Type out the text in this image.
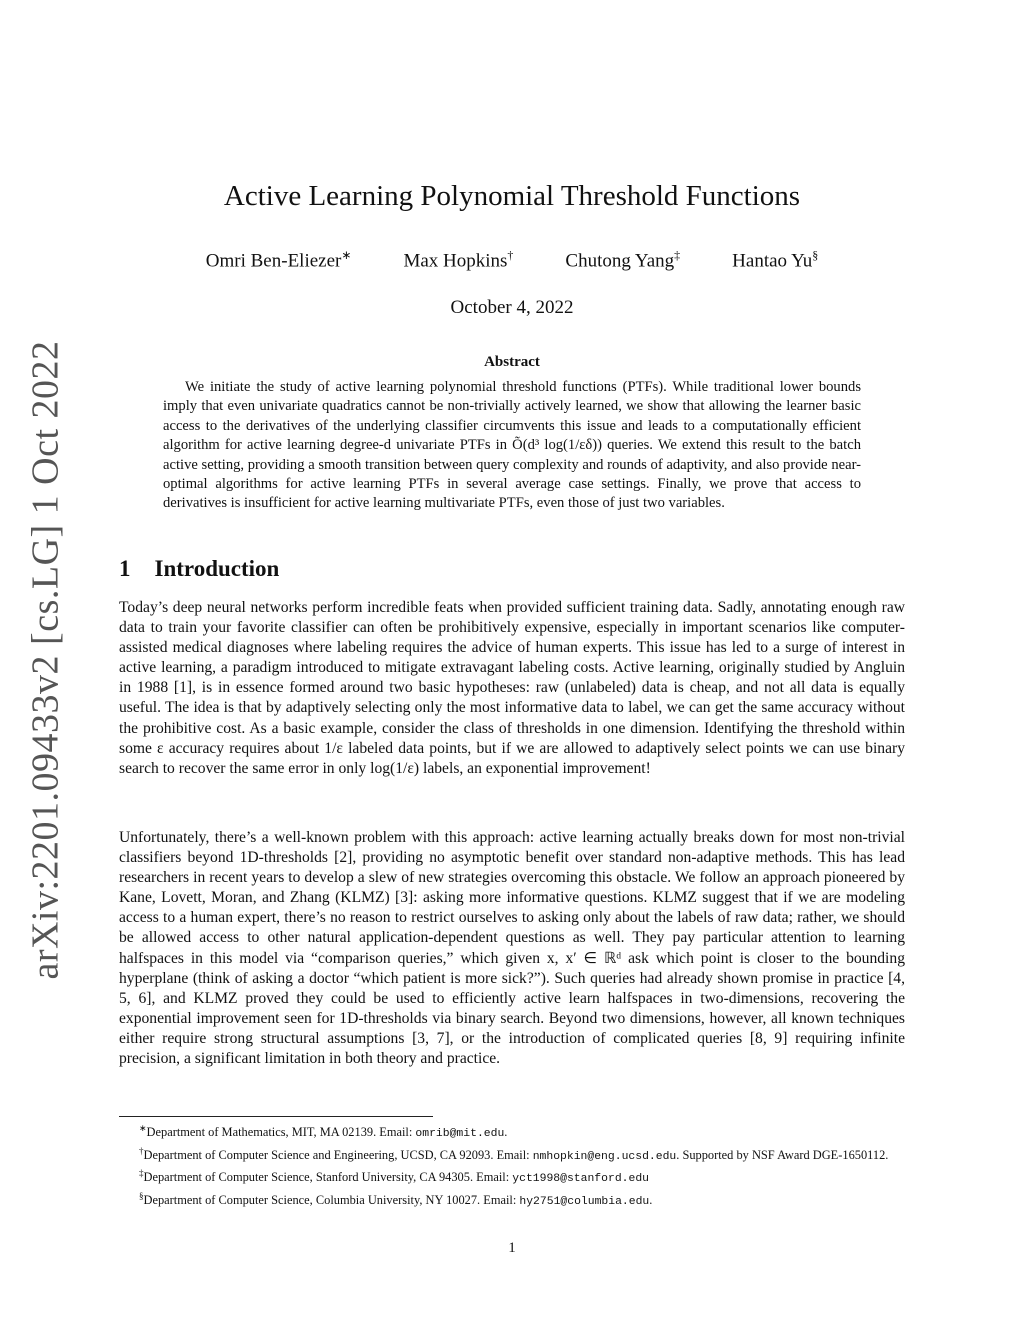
arXiv:2201.09433v2 [cs.LG] 1 Oct 2022
Active Learning Polynomial Threshold Functions
Omri Ben-Eliezer∗	Max Hopkins†	Chutong Yang‡	Hantao Yu§
October 4, 2022
Abstract
We initiate the study of active learning polynomial threshold functions (PTFs). While traditional lower bounds imply that even univariate quadratics cannot be non-trivially actively learned, we show that allowing the learner basic access to the derivatives of the underlying classifier circumvents this issue and leads to a computationally efficient algorithm for active learning degree-d univariate PTFs in Õ(d³ log(1/εδ)) queries. We extend this result to the batch active setting, providing a smooth transition between query complexity and rounds of adaptivity, and also provide near-optimal algorithms for active learning PTFs in several average case settings. Finally, we prove that access to derivatives is insufficient for active learning multivariate PTFs, even those of just two variables.
1 Introduction
Today’s deep neural networks perform incredible feats when provided sufficient training data. Sadly, annotating enough raw data to train your favorite classifier can often be prohibitively expensive, especially in important scenarios like computer-assisted medical diagnoses where labeling requires the advice of human experts. This issue has led to a surge of interest in active learning, a paradigm introduced to mitigate extravagant labeling costs. Active learning, originally studied by Angluin in 1988 [1], is in essence formed around two basic hypotheses: raw (unlabeled) data is cheap, and not all data is equally useful. The idea is that by adaptively selecting only the most informative data to label, we can get the same accuracy without the prohibitive cost. As a basic example, consider the class of thresholds in one dimension. Identifying the threshold within some ε accuracy requires about 1/ε labeled data points, but if we are allowed to adaptively select points we can use binary search to recover the same error in only log(1/ε) labels, an exponential improvement!
Unfortunately, there’s a well-known problem with this approach: active learning actually breaks down for most non-trivial classifiers beyond 1D-thresholds [2], providing no asymptotic benefit over standard non-adaptive methods. This has lead researchers in recent years to develop a slew of new strategies overcoming this obstacle. We follow an approach pioneered by Kane, Lovett, Moran, and Zhang (KLMZ) [3]: asking more informative questions. KLMZ suggest that if we are modeling access to a human expert, there’s no reason to restrict ourselves to asking only about the labels of raw data; rather, we should be allowed access to other natural application-dependent questions as well. They pay particular attention to learning halfspaces in this model via “comparison queries,” which given x, x′ ∈ ℝᵈ ask which point is closer to the bounding hyperplane (think of asking a doctor “which patient is more sick?”). Such queries had already shown promise in practice [4, 5, 6], and KLMZ proved they could be used to efficiently active learn halfspaces in two-dimensions, recovering the exponential improvement seen for 1D-thresholds via binary search. Beyond two dimensions, however, all known techniques either require strong structural assumptions [3, 7], or the introduction of complicated queries [8, 9] requiring infinite precision, a significant limitation in both theory and practice.
∗Department of Mathematics, MIT, MA 02139. Email: omrib@mit.edu.
†Department of Computer Science and Engineering, UCSD, CA 92093. Email: nmhopkin@eng.ucsd.edu. Supported by NSF Award DGE-1650112.
‡Department of Computer Science, Stanford University, CA 94305. Email: yct1998@stanford.edu
§Department of Computer Science, Columbia University, NY 10027. Email: hy2751@columbia.edu.
1
